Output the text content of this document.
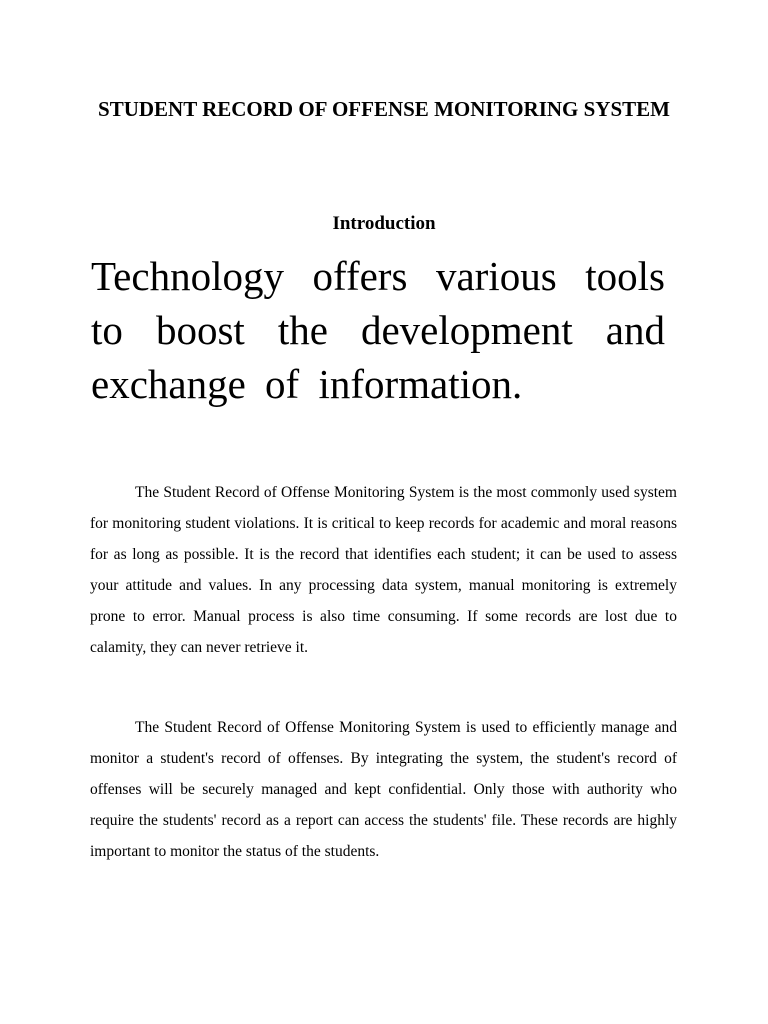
STUDENT RECORD OF OFFENSE MONITORING SYSTEM
Introduction

Technology offers various tools to boost the development and exchange of information.

The Student Record of Offense Monitoring System is the most commonly used system for monitoring student violations. It is critical to keep records for academic and moral reasons for as long as possible. It is the record that identifies each student; it can be used to assess your attitude and values. In any processing data system, manual monitoring is extremely prone to error. Manual process is also time consuming. If some records are lost due to calamity, they can never retrieve it.

The Student Record of Offense Monitoring System is used to efficiently manage and monitor a student's record of offenses. By integrating the system, the student's record of offenses will be securely managed and kept confidential. Only those with authority who require the students' record as a report can access the students' file. These records are highly important to monitor the status of the students.
